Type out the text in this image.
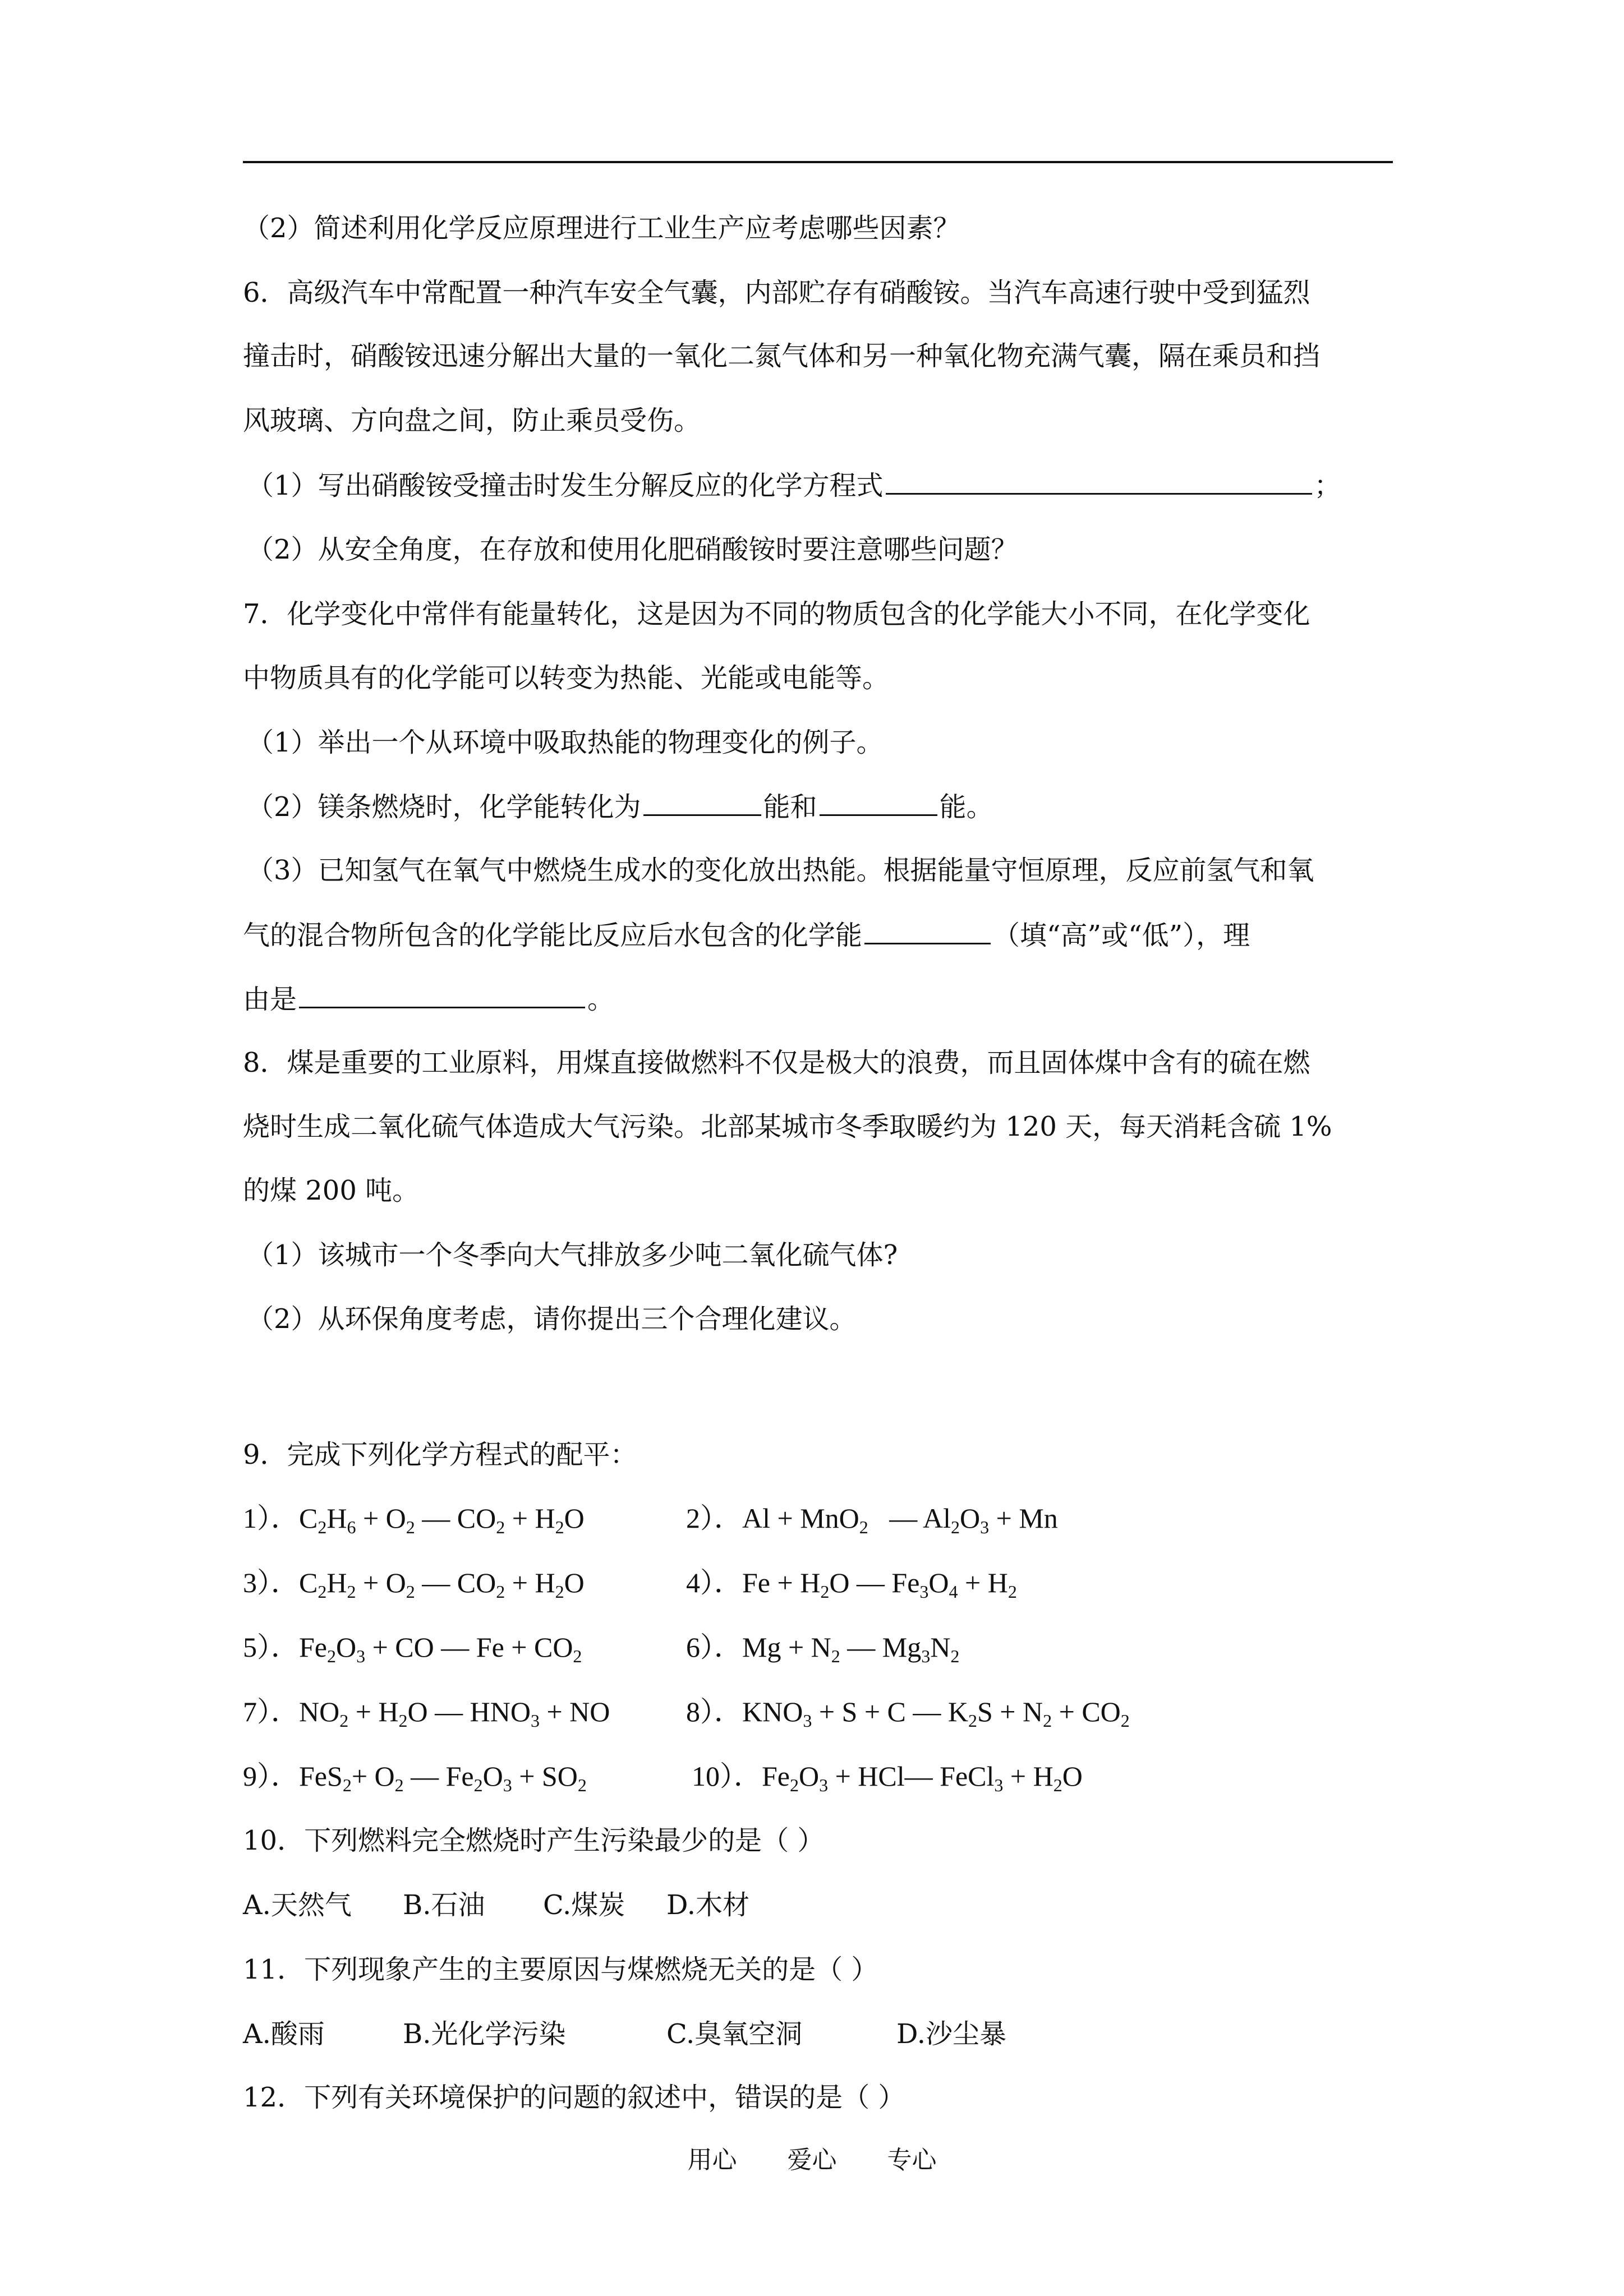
（2）简述利用化学反应原理进行工业生产应考虑哪些因素？
6．高级汽车中常配置一种汽车安全气囊，内部贮存有硝酸铵。当汽车高速行驶中受到猛烈
撞击时，硝酸铵迅速分解出大量的一氧化二氮气体和另一种氧化物充满气囊，隔在乘员和挡
风玻璃、方向盘之间，防止乘员受伤。
（1）写出硝酸铵受撞击时发生分解反应的化学方程式	；
（2）从安全角度，在存放和使用化肥硝酸铵时要注意哪些问题？
7．化学变化中常伴有能量转化，这是因为不同的物质包含的化学能大小不同，在化学变化
中物质具有的化学能可以转变为热能、光能或电能等。
（1）举出一个从环境中吸取热能的物理变化的例子。
（2）镁条燃烧时，化学能转化为	能和	能。
（3）已知氢气在氧气中燃烧生成水的变化放出热能。根据能量守恒原理，反应前氢气和氧
气的混合物所包含的化学能比反应后水包含的化学能	（填“高”或“低”），理
由是	。
8．煤是重要的工业原料，用煤直接做燃料不仅是极大的浪费，而且固体煤中含有的硫在燃
烧时生成二氧化硫气体造成大气污染。北部某城市冬季取暖约为 120 天，每天消耗含硫 1%
的煤 200 吨。
（1）该城市一个冬季向大气排放多少吨二氧化硫气体?
（2）从环保角度考虑，请你提出三个合理化建议。
9．完成下列化学方程式的配平：
1）．$C_2H_6 + O_2$ — $CO_2 + H_2O$	2）．Al + MnO$_2$   — $Al_2O_3 + Mn$
3）．$C_2H_2 + O_2$ — $CO_2 + H_2O$	4）．$Fe + H_2O$ — $Fe_3O_4 + H_2$
5）．$Fe_2O_3$ + CO — $Fe + CO_2$	6）．$Mg + N_2$ — $Mg_3N_2$
7）．$NO_2 + H_2O$ — $HNO_3$ + NO	8）．$KNO_3 + S + C$ — $K_2S + N_2 + CO_2$
9）．$FeS_2+ O_2$ — $Fe_2O_3 + SO_2$	10）．$Fe_2O_3$ + HCl— FeCl$_3$ + $H_2O$
10．下列燃料完全燃烧时产生污染最少的是（ ）
A.天然气 B.石油 C.煤炭 D.木材
11．下列现象产生的主要原因与煤燃烧无关的是（ ）
A.酸雨	B.光化学污染	C.臭氧空洞	D.沙尘暴
12．下列有关环境保护的问题的叙述中，错误的是（ ）
用心 爱心 专心
